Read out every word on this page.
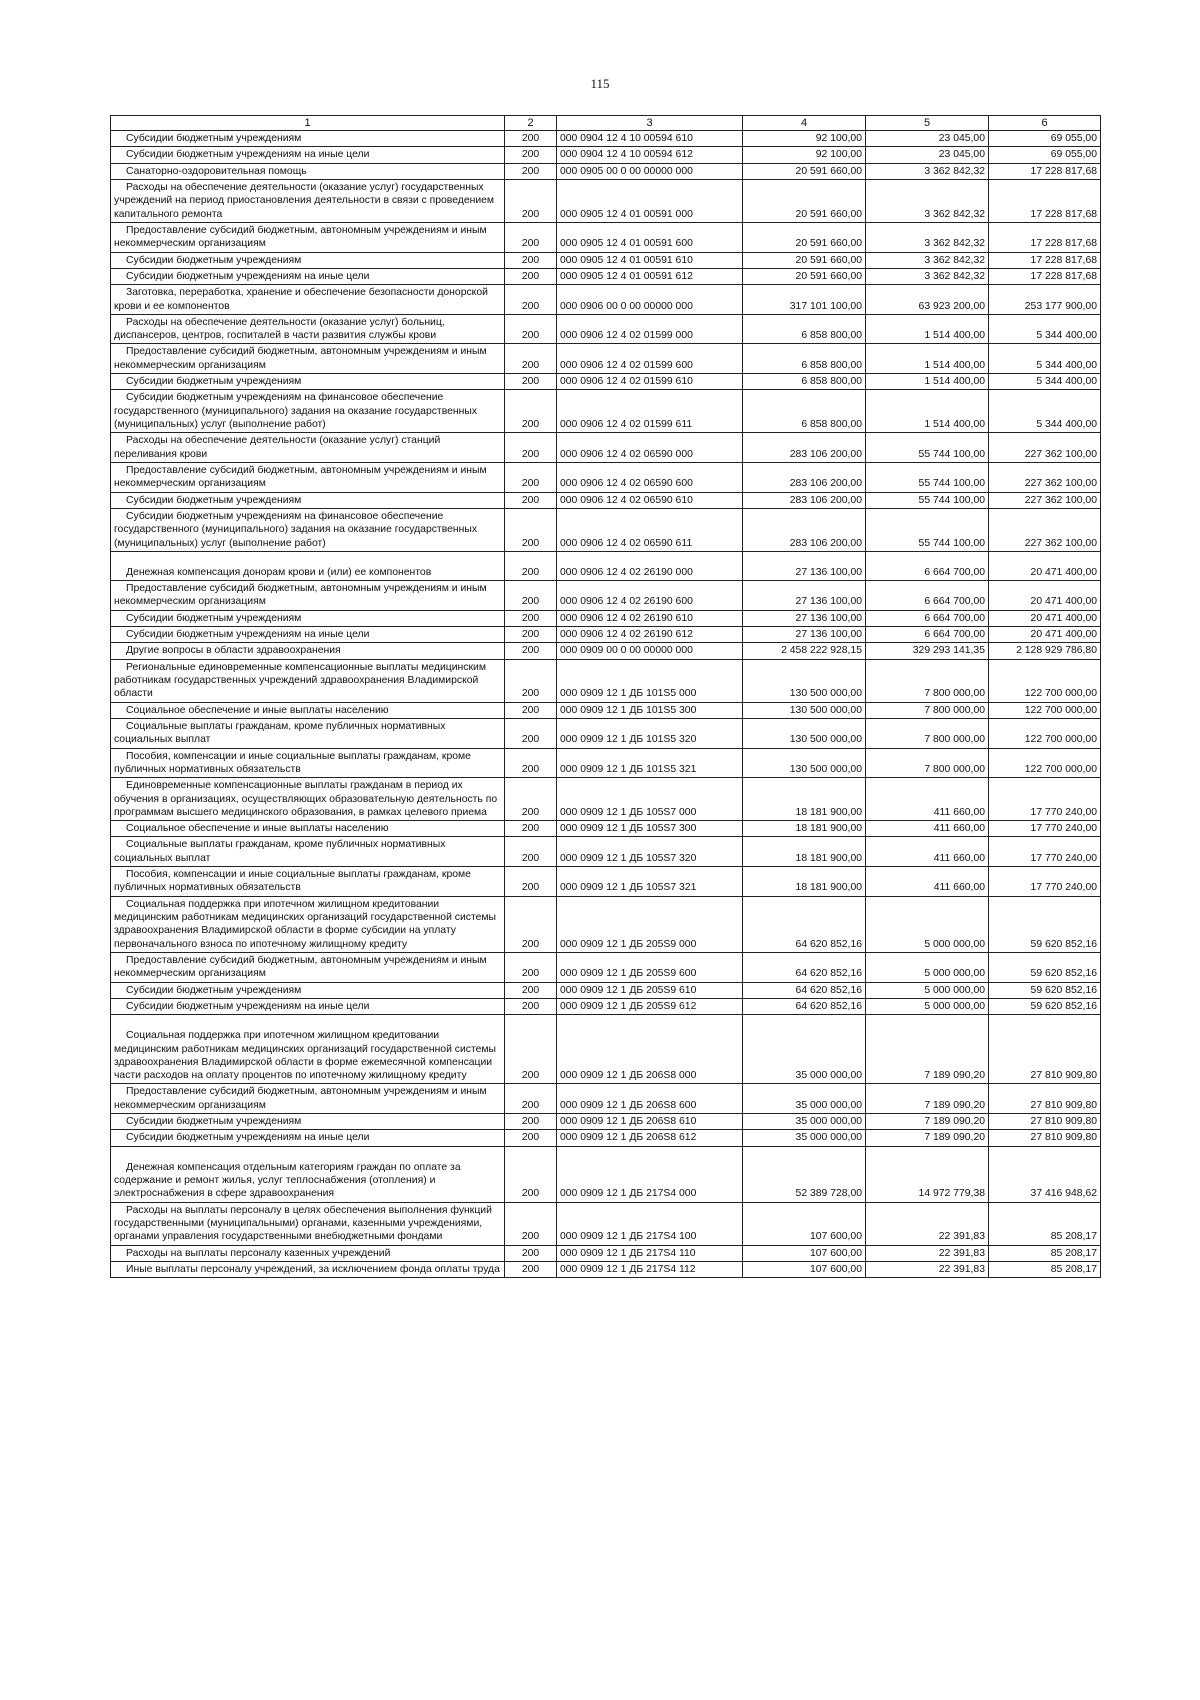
115
1	2	3	4	5	6

Субсидии бюджетным учреждениям	200	000 0904 12 4 10 00594 610	92 100,00	23 045,00	69 055,00

Субсидии бюджетным учреждениям на иные цели	200	000 0904 12 4 10 00594 612	92 100,00	23 045,00	69 055,00

Санаторно-оздоровительная помощь	200	000 0905 00 0 00 00000 000	20 591 660,00	3 362 842,32	17 228 817,68

Расходы на обеспечение деятельности (оказание услуг) государственных учреждений на период приостановления деятельности в связи с проведением капитального ремонта	200	000 0905 12 4 01 00591 000	20 591 660,00	3 362 842,32	17 228 817,68

Предоставление субсидий бюджетным, автономным учреждениям и иным некоммерческим организациям	200	000 0905 12 4 01 00591 600	20 591 660,00	3 362 842,32	17 228 817,68

Субсидии бюджетным учреждениям	200	000 0905 12 4 01 00591 610	20 591 660,00	3 362 842,32	17 228 817,68

Субсидии бюджетным учреждениям на иные цели	200	000 0905 12 4 01 00591 612	20 591 660,00	3 362 842,32	17 228 817,68

Заготовка, переработка, хранение и обеспечение безопасности донорской крови и ее компонентов	200	000 0906 00 0 00 00000 000	317 101 100,00	63 923 200,00	253 177 900,00

Расходы на обеспечение деятельности (оказание услуг) больниц, диспансеров, центров, госпиталей в части развития службы крови	200	000 0906 12 4 02 01599 000	6 858 800,00	1 514 400,00	5 344 400,00

Предоставление субсидий бюджетным, автономным учреждениям и иным некоммерческим организациям	200	000 0906 12 4 02 01599 600	6 858 800,00	1 514 400,00	5 344 400,00

Субсидии бюджетным учреждениям	200	000 0906 12 4 02 01599 610	6 858 800,00	1 514 400,00	5 344 400,00

Субсидии бюджетным учреждениям на финансовое обеспечение государственного (муниципального) задания на оказание государственных (муниципальных) услуг (выполнение работ)	200	000 0906 12 4 02 01599 611	6 858 800,00	1 514 400,00	5 344 400,00

Расходы на обеспечение деятельности (оказание услуг) станций переливания крови	200	000 0906 12 4 02 06590 000	283 106 200,00	55 744 100,00	227 362 100,00

Предоставление субсидий бюджетным, автономным учреждениям и иным некоммерческим организациям	200	000 0906 12 4 02 06590 600	283 106 200,00	55 744 100,00	227 362 100,00

Субсидии бюджетным учреждениям	200	000 0906 12 4 02 06590 610	283 106 200,00	55 744 100,00	227 362 100,00

Субсидии бюджетным учреждениям на финансовое обеспечение государственного (муниципального) задания на оказание государственных (муниципальных) услуг (выполнение работ)	200	000 0906 12 4 02 06590 611	283 106 200,00	55 744 100,00	227 362 100,00

Денежная компенсация донорам крови и (или) ее компонентов	200	000 0906 12 4 02 26190 000	27 136 100,00	6 664 700,00	20 471 400,00

Предоставление субсидий бюджетным, автономным учреждениям и иным некоммерческим организациям	200	000 0906 12 4 02 26190 600	27 136 100,00	6 664 700,00	20 471 400,00

Субсидии бюджетным учреждениям	200	000 0906 12 4 02 26190 610	27 136 100,00	6 664 700,00	20 471 400,00

Субсидии бюджетным учреждениям на иные цели	200	000 0906 12 4 02 26190 612	27 136 100,00	6 664 700,00	20 471 400,00

Другие вопросы в области здравоохранения	200	000 0909 00 0 00 00000 000	2 458 222 928,15	329 293 141,35	2 128 929 786,80

Региональные единовременные компенсационные выплаты медицинским работникам государственных учреждений здравоохранения Владимирской области	200	000 0909 12 1 ДБ 101S5 000	130 500 000,00	7 800 000,00	122 700 000,00

Социальное обеспечение и иные выплаты населению	200	000 0909 12 1 ДБ 101S5 300	130 500 000,00	7 800 000,00	122 700 000,00

Социальные выплаты гражданам, кроме публичных нормативных социальных выплат	200	000 0909 12 1 ДБ 101S5 320	130 500 000,00	7 800 000,00	122 700 000,00

Пособия, компенсации и иные социальные выплаты гражданам, кроме публичных нормативных обязательств	200	000 0909 12 1 ДБ 101S5 321	130 500 000,00	7 800 000,00	122 700 000,00

Единовременные компенсационные выплаты гражданам в период их обучения в организациях, осуществляющих образовательную деятельность по программам высшего медицинского образования, в рамках целевого приема	200	000 0909 12 1 ДБ 105S7 000	18 181 900,00	411 660,00	17 770 240,00

Социальное обеспечение и иные выплаты населению	200	000 0909 12 1 ДБ 105S7 300	18 181 900,00	411 660,00	17 770 240,00

Социальные выплаты гражданам, кроме публичных нормативных социальных выплат	200	000 0909 12 1 ДБ 105S7 320	18 181 900,00	411 660,00	17 770 240,00

Пособия, компенсации и иные социальные выплаты гражданам, кроме публичных нормативных обязательств	200	000 0909 12 1 ДБ 105S7 321	18 181 900,00	411 660,00	17 770 240,00

Социальная поддержка при ипотечном жилищном кредитовании медицинским работникам медицинских организаций государственной системы здравоохранения Владимирской области в форме субсидии на уплату первоначального взноса по ипотечному жилищному кредиту	200	000 0909 12 1 ДБ 205S9 000	64 620 852,16	5 000 000,00	59 620 852,16

Предоставление субсидий бюджетным, автономным учреждениям и иным некоммерческим организациям	200	000 0909 12 1 ДБ 205S9 600	64 620 852,16	5 000 000,00	59 620 852,16

Субсидии бюджетным учреждениям	200	000 0909 12 1 ДБ 205S9 610	64 620 852,16	5 000 000,00	59 620 852,16

Субсидии бюджетным учреждениям на иные цели	200	000 0909 12 1 ДБ 205S9 612	64 620 852,16	5 000 000,00	59 620 852,16

Социальная поддержка при ипотечном жилищном кредитовании медицинским работникам медицинских организаций государственной системы здравоохранения Владимирской области в форме ежемесячной компенсации части расходов на оплату процентов по ипотечному жилищному кредиту	200	000 0909 12 1 ДБ 206S8 000	35 000 000,00	7 189 090,20	27 810 909,80

Предоставление субсидий бюджетным, автономным учреждениям и иным некоммерческим организациям	200	000 0909 12 1 ДБ 206S8 600	35 000 000,00	7 189 090,20	27 810 909,80

Субсидии бюджетным учреждениям	200	000 0909 12 1 ДБ 206S8 610	35 000 000,00	7 189 090,20	27 810 909,80

Субсидии бюджетным учреждениям на иные цели	200	000 0909 12 1 ДБ 206S8 612	35 000 000,00	7 189 090,20	27 810 909,80

Денежная компенсация отдельным категориям граждан по оплате за содержание и ремонт жилья, услуг теплоснабжения (отопления) и электроснабжения в сфере здравоохранения	200	000 0909 12 1 ДБ 217S4 000	52 389 728,00	14 972 779,38	37 416 948,62

Расходы на выплаты персоналу в целях обеспечения выполнения функций государственными (муниципальными) органами, казенными учреждениями, органами управления государственными внебюджетными фондами	200	000 0909 12 1 ДБ 217S4 100	107 600,00	22 391,83	85 208,17

Расходы на выплаты персоналу казенных учреждений	200	000 0909 12 1 ДБ 217S4 110	107 600,00	22 391,83	85 208,17

Иные выплаты персоналу учреждений, за исключением фонда оплаты труда	200	000 0909 12 1 ДБ 217S4 112	107 600,00	22 391,83	85 208,17
